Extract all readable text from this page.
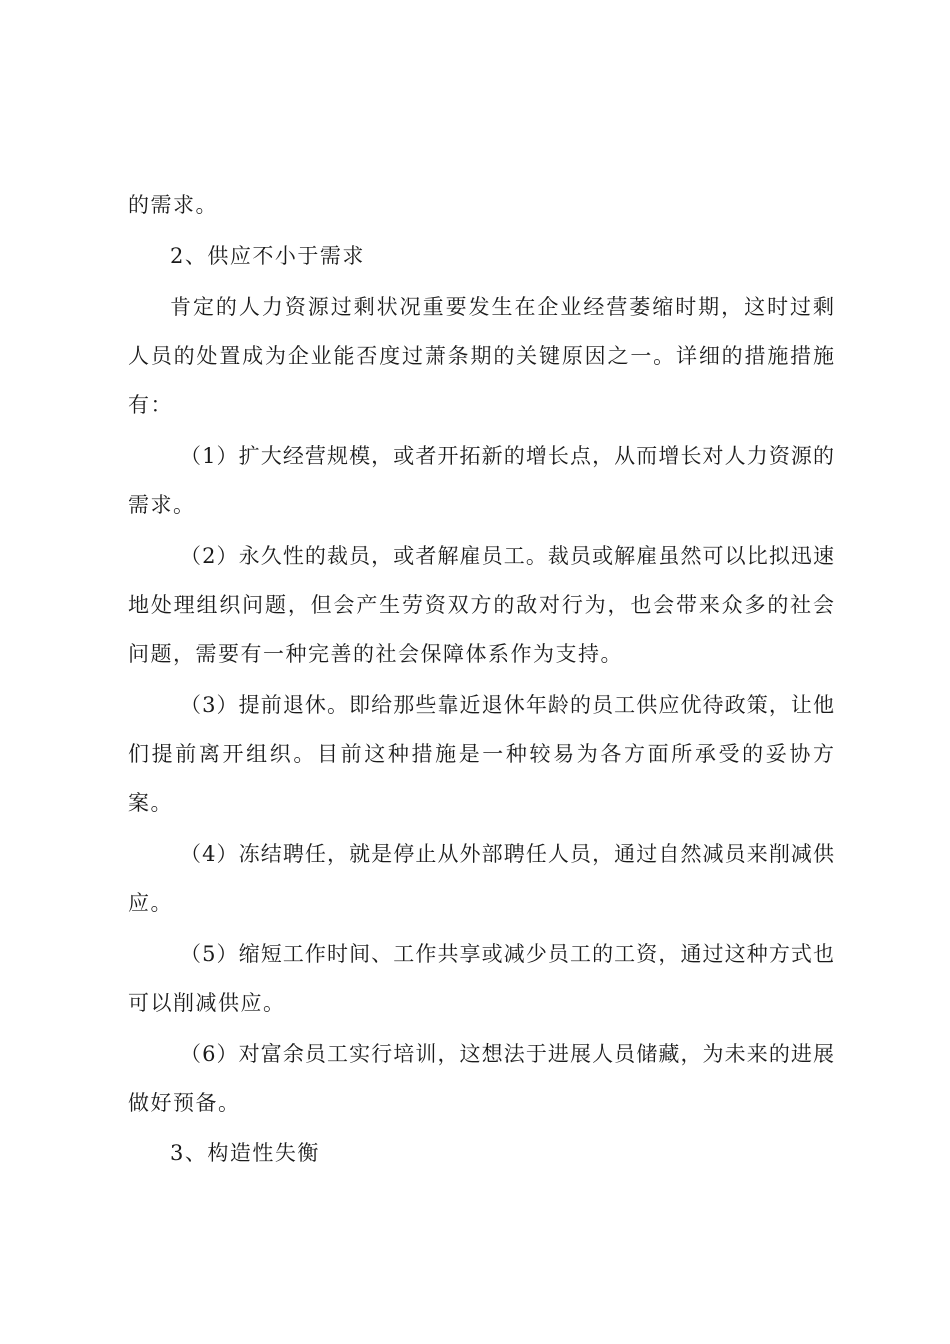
的需求。
2、供应不小于需求
肯定的人力资源过剩状况重要发生在企业经营萎缩时期，这时过剩
人员的处置成为企业能否度过萧条期的关键原因之一。详细的措施措施
有：
（1）扩大经营规模，或者开拓新的增长点，从而增长对人力资源的
需求。
（2）永久性的裁员，或者解雇员工。裁员或解雇虽然可以比拟迅速
地处理组织问题，但会产生劳资双方的敌对行为，也会带来众多的社会
问题，需要有一种完善的社会保障体系作为支持。
（3）提前退休。即给那些靠近退休年龄的员工供应优待政策，让他
们提前离开组织。目前这种措施是一种较易为各方面所承受的妥协方
案。
（4）冻结聘任，就是停止从外部聘任人员，通过自然减员来削减供
应。
（5）缩短工作时间、工作共享或减少员工的工资，通过这种方式也
可以削减供应。
（6）对富余员工实行培训，这想法于进展人员储藏，为未来的进展
做好预备。
3、构造性失衡
